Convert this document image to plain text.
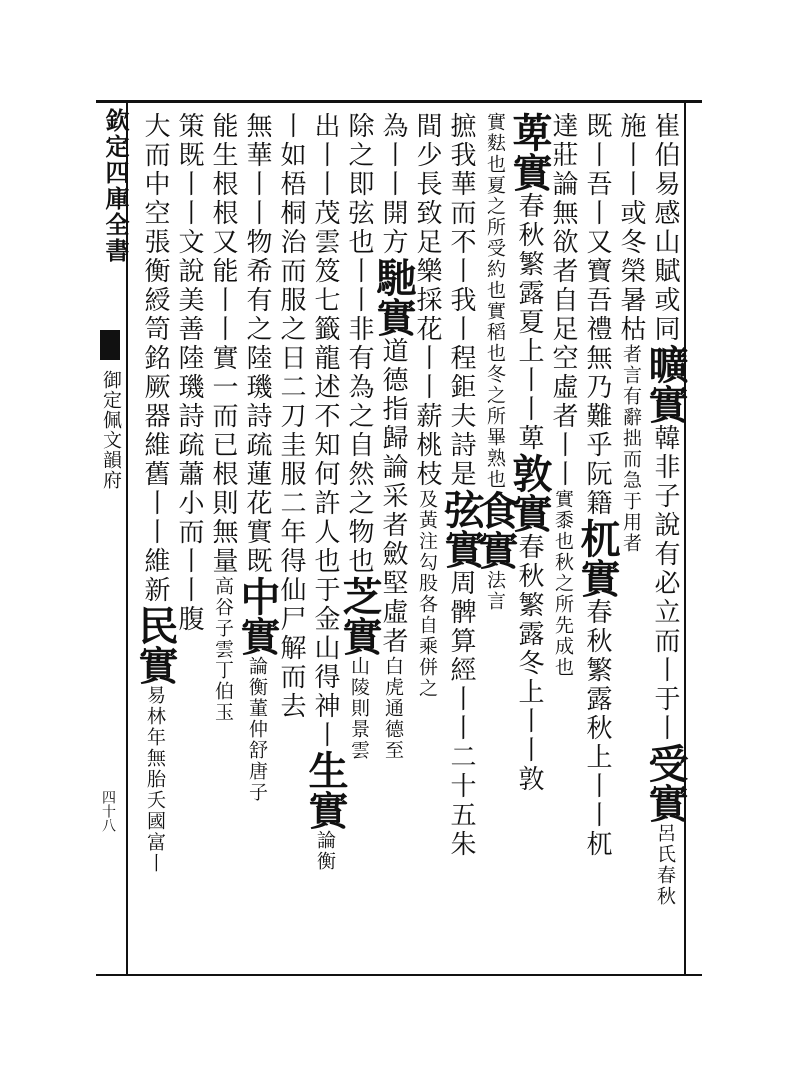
欽定四庫全書
御定佩文韻府
四十八
崔伯易感山賦或同曠實韓非子說有必立而丨于丨受實呂氏春秋
施丨丨或冬榮暑枯者言有辭拙而急于用者
既丨吾丨又寶吾禮無乃難乎阮籍杌實春秋繁露秋上丨丨杌
達莊論無欲者自足空虛者丨丨實黍也秋之所先成也
萆實春秋繁露夏上丨丨萆敦實春秋繁露冬上丨丨敦
實麮也夏之所受約也實稻也冬之所畢熟也食實法言
摭我華而不丨我丨程鉅夫詩是弦實周髀算經丨丨二十五朱
間少長致足樂採花丨丨薪桃枝及黃注勾股各自乘併之
為丨丨開方馳實道德指歸論采者斂堅虛者白虎通德至
除之即弦也丨丨非有為之自然之物也芝實山陵則景雲
出丨丨茂雲笈七籤龍述不知何許人也于金山得神丨生實論衡
丨如梧桐治而服之日二刀圭服二年得仙尸解而去
無華丨丨物希有之陸璣詩疏蓮花實既中實論衡董仲舒唐子
能生根根又能丨丨實一而已根則無量高谷子雲丁伯玉
策既丨丨文說美善陸璣詩疏蕭小而丨丨腹
大而中空張衡綬笥銘厥器維舊丨丨維新民實易林年無胎夭國富丨
